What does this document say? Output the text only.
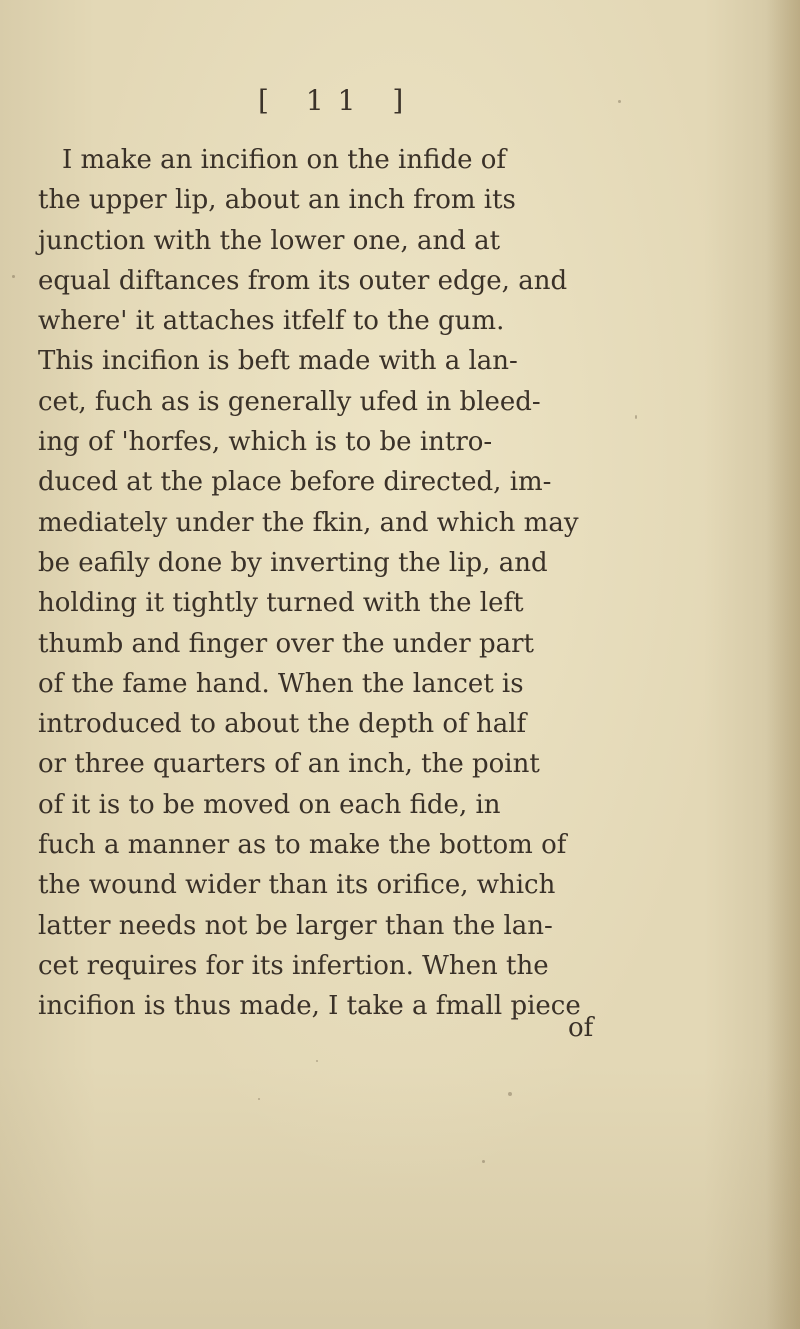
[ 11 ]
I make an incifion on the infide of
the upper lip, about an inch from its
junction with the lower one, and at
equal diftances from its outer edge, and
where' it attaches itfelf to the gum.
This incifion is beft made with a lan-
cet, fuch as is generally ufed in bleed-
ing of 'horfes, which is to be intro-
duced at the place before directed, im-
mediately under the fkin, and which may
be eafily done by inverting the lip, and
holding it tightly turned with the left
thumb and finger over the under part
of the fame hand. When the lancet is
introduced to about the depth of half
or three quarters of an inch, the point
of it is to be moved on each fide, in
fuch a manner as to make the bottom of
the wound wider than its orifice, which
latter needs not be larger than the lan-
cet requires for its infertion. When the
incifion is thus made, I take a fmall piece
of
